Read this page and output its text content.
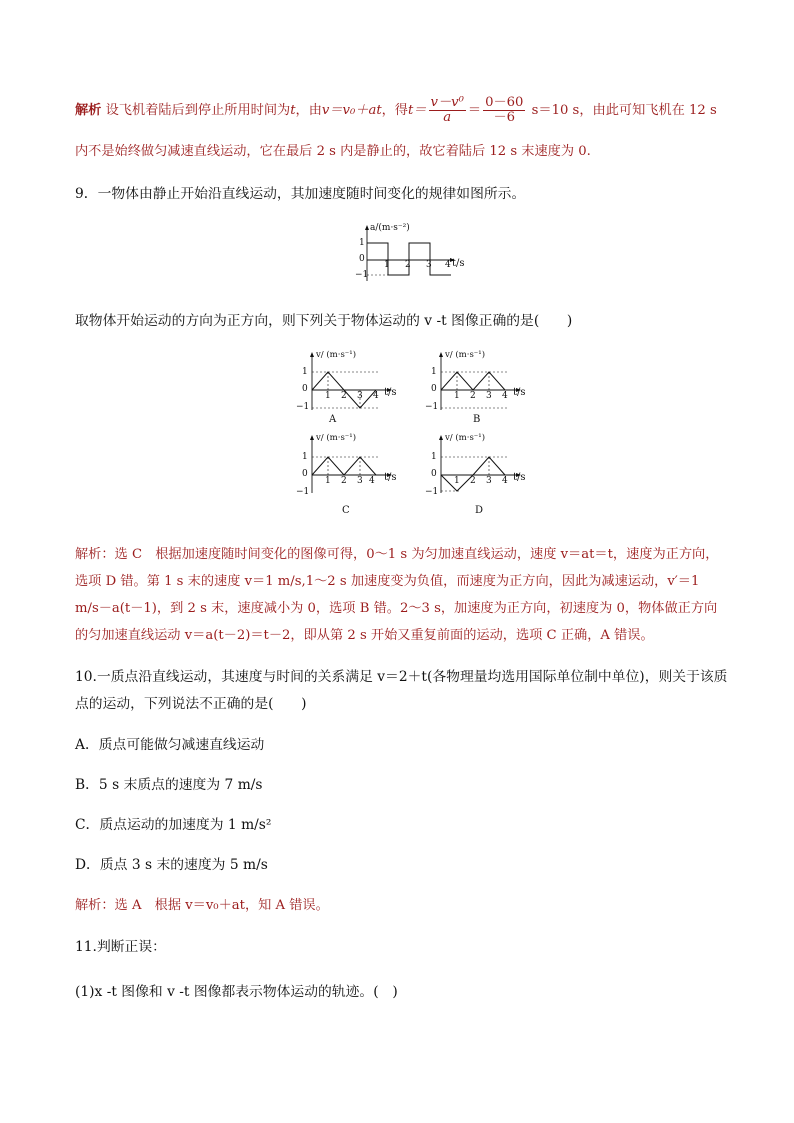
解析 设飞机着陆后到停止所用时间为t，由v＝v₀＋at，得$t= \frac{\text{v－v⁰}}{a} = \frac{0-60}{-6} s=10$ s，由此可知飞机在 12 s
内不是始终做匀减速直线运动，它在最后 2 s 内是静止的，故它着陆后 12 s 末速度为 0.
9．一物体由静止开始沿直线运动，其加速度随时间变化的规律如图所示。
a/(m·s⁻²)
t/s
1
0
−1
1 2 3 4
取物体开始运动的方向为正方向，则下列关于物体运动的 v -t 图像正确的是(　　)
v/ (m·s⁻¹)
t/s
1
0
−1
1 2 3 4
A
v/ (m·s⁻¹)
t/s
1
0
−1
1 2 3 4
B
v/ (m·s⁻¹)
t/s
1
0
−1
1 2 3 4
C
v/ (m·s⁻¹)
t/s
1
0
−1
1 2 3 4
D
解析：选 C　根据加速度随时间变化的图像可得，0～1 s 为匀加速直线运动，速度 v＝at＝t，速度为正方向，
选项 D 错。第 1 s 末的速度 v＝1 m/s,1～2 s 加速度变为负值，而速度为正方向，因此为减速运动，v′＝1
m/s－a(t－1)，到 2 s 末，速度减小为 0，选项 B 错。2～3 s，加速度为正方向，初速度为 0，物体做正方向
的匀加速直线运动 v＝a(t－2)＝t－2，即从第 2 s 开始又重复前面的运动，选项 C 正确，A 错误。
10.一质点沿直线运动，其速度与时间的关系满足 v＝2＋t(各物理量均选用国际单位制中单位)，则关于该质
点的运动，下列说法不正确的是(　　)
A．质点可能做匀减速直线运动
B．5 s 末质点的速度为 7 m/s
C．质点运动的加速度为 1 m/s²
D．质点 3 s 末的速度为 5 m/s
解析：选 A　根据 v＝v₀＋at，知 A 错误。
11.判断正误：
(1)x -t 图像和 v -t 图像都表示物体运动的轨迹。(　)
